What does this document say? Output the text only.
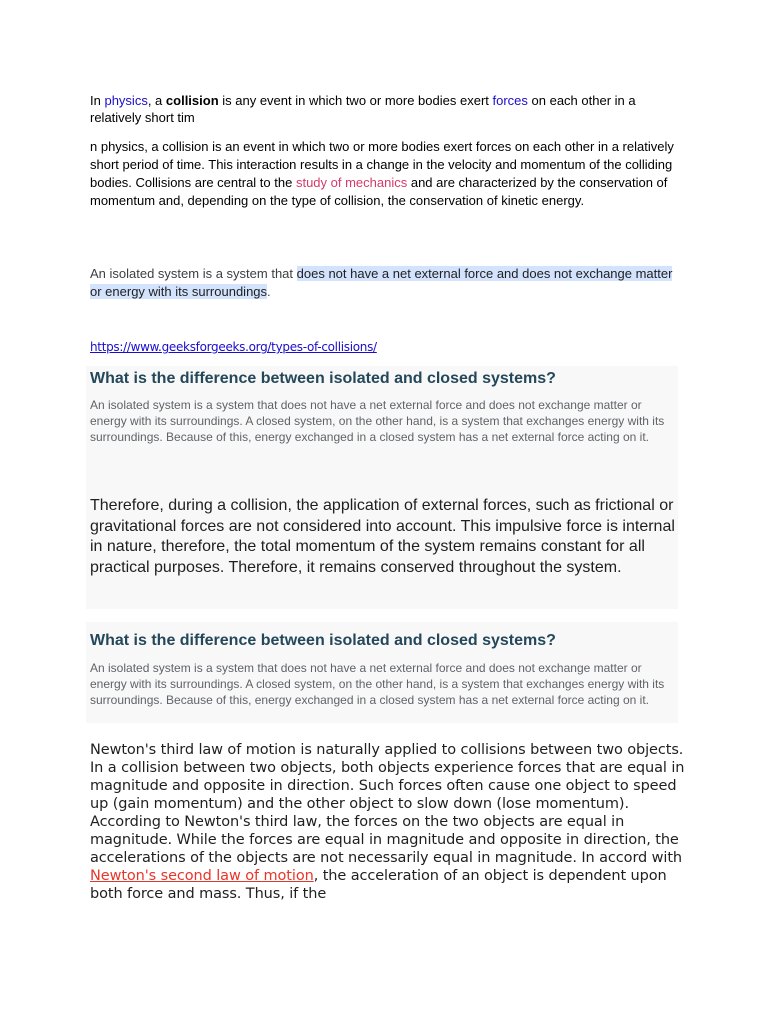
In physics, a collision is any event in which two or more bodies exert forces on each other in a relatively short tim

n physics, a collision is an event in which two or more bodies exert forces on each other in a relatively short period of time. This interaction results in a change in the velocity and momentum of the colliding bodies. Collisions are central to the study of mechanics and are characterized by the conservation of momentum and, depending on the type of collision, the conservation of kinetic energy.

An isolated system is a system that does not have a net external force and does not exchange matter or energy with its surroundings.

https://www.geeksforgeeks.org/types-of-collisions/

What is the difference between isolated and closed systems?

An isolated system is a system that does not have a net external force and does not exchange matter or energy with its surroundings. A closed system, on the other hand, is a system that exchanges energy with its surroundings. Because of this, energy exchanged in a closed system has a net external force acting on it.

Therefore, during a collision, the application of external forces, such as frictional or gravitational forces are not considered into account. This impulsive force is internal in nature, therefore, the total momentum of the system remains constant for all practical purposes. Therefore, it remains conserved throughout the system.

What is the difference between isolated and closed systems?

An isolated system is a system that does not have a net external force and does not exchange matter or energy with its surroundings. A closed system, on the other hand, is a system that exchanges energy with its surroundings. Because of this, energy exchanged in a closed system has a net external force acting on it.

Newton's third law of motion is naturally applied to collisions between two objects. In a collision between two objects, both objects experience forces that are equal in magnitude and opposite in direction. Such forces often cause one object to speed up (gain momentum) and the other object to slow down (lose momentum). According to Newton's third law, the forces on the two objects are equal in magnitude. While the forces are equal in magnitude and opposite in direction, the accelerations of the objects are not necessarily equal in magnitude. In accord with Newton's second law of motion, the acceleration of an object is dependent upon both force and mass. Thus, if the
